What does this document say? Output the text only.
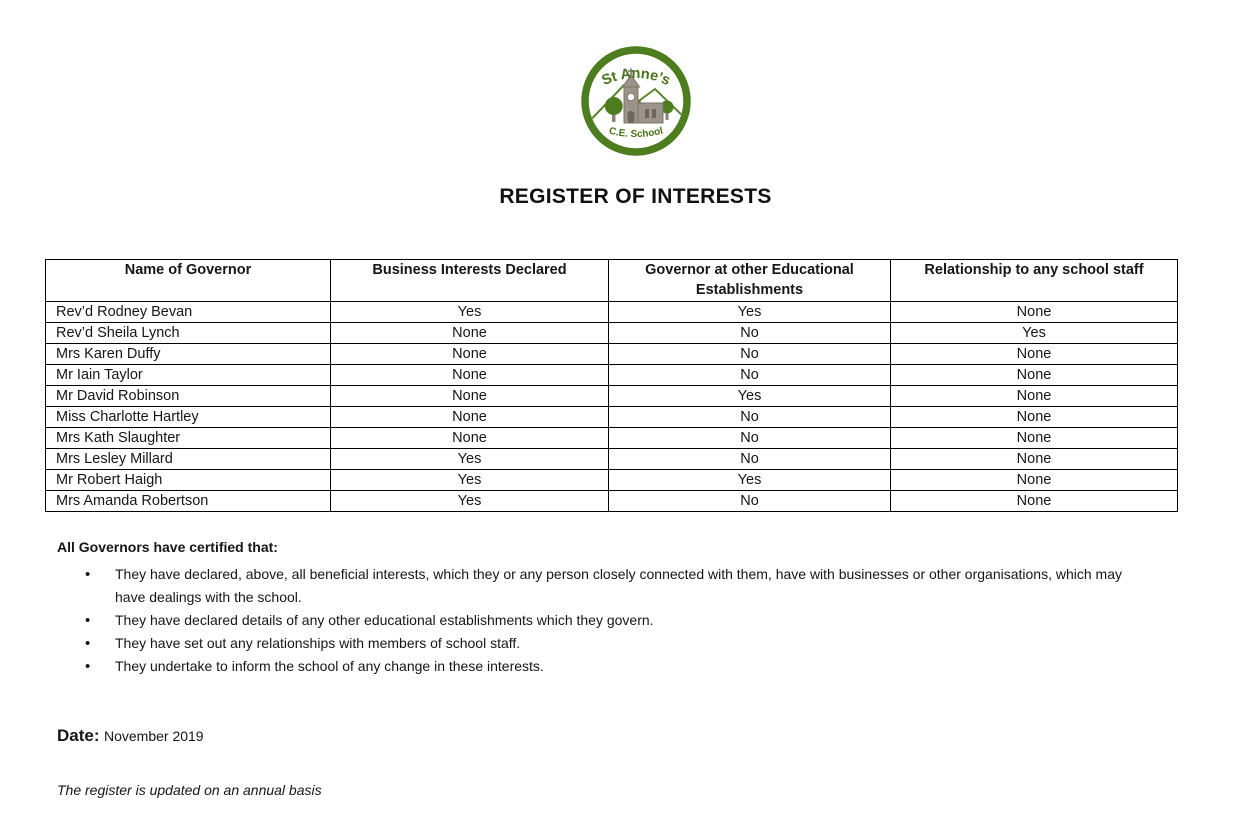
St Anne’s
C.E. School
REGISTER OF INTERESTS
Name of Governor	Business Interests Declared	Governor at other Educational Establishments	Relationship to any school staff
Rev’d Rodney Bevan	Yes	Yes	None
Rev’d Sheila Lynch	None	No	Yes
Mrs Karen Duffy	None	No	None
Mr Iain Taylor	None	No	None
Mr David Robinson	None	Yes	None
Miss Charlotte Hartley	None	No	None
Mrs Kath Slaughter	None	No	None
Mrs Lesley Millard	Yes	No	None
Mr Robert Haigh	Yes	Yes	None
Mrs Amanda Robertson	Yes	No	None
All Governors have certified that:
• They have declared, above, all beneficial interests, which they or any person closely connected with them, have with businesses or other organisations, which may have dealings with the school.
• They have declared details of any other educational establishments which they govern.
• They have set out any relationships with members of school staff.
• They undertake to inform the school of any change in these interests.
Date: November 2019
The register is updated on an annual basis
